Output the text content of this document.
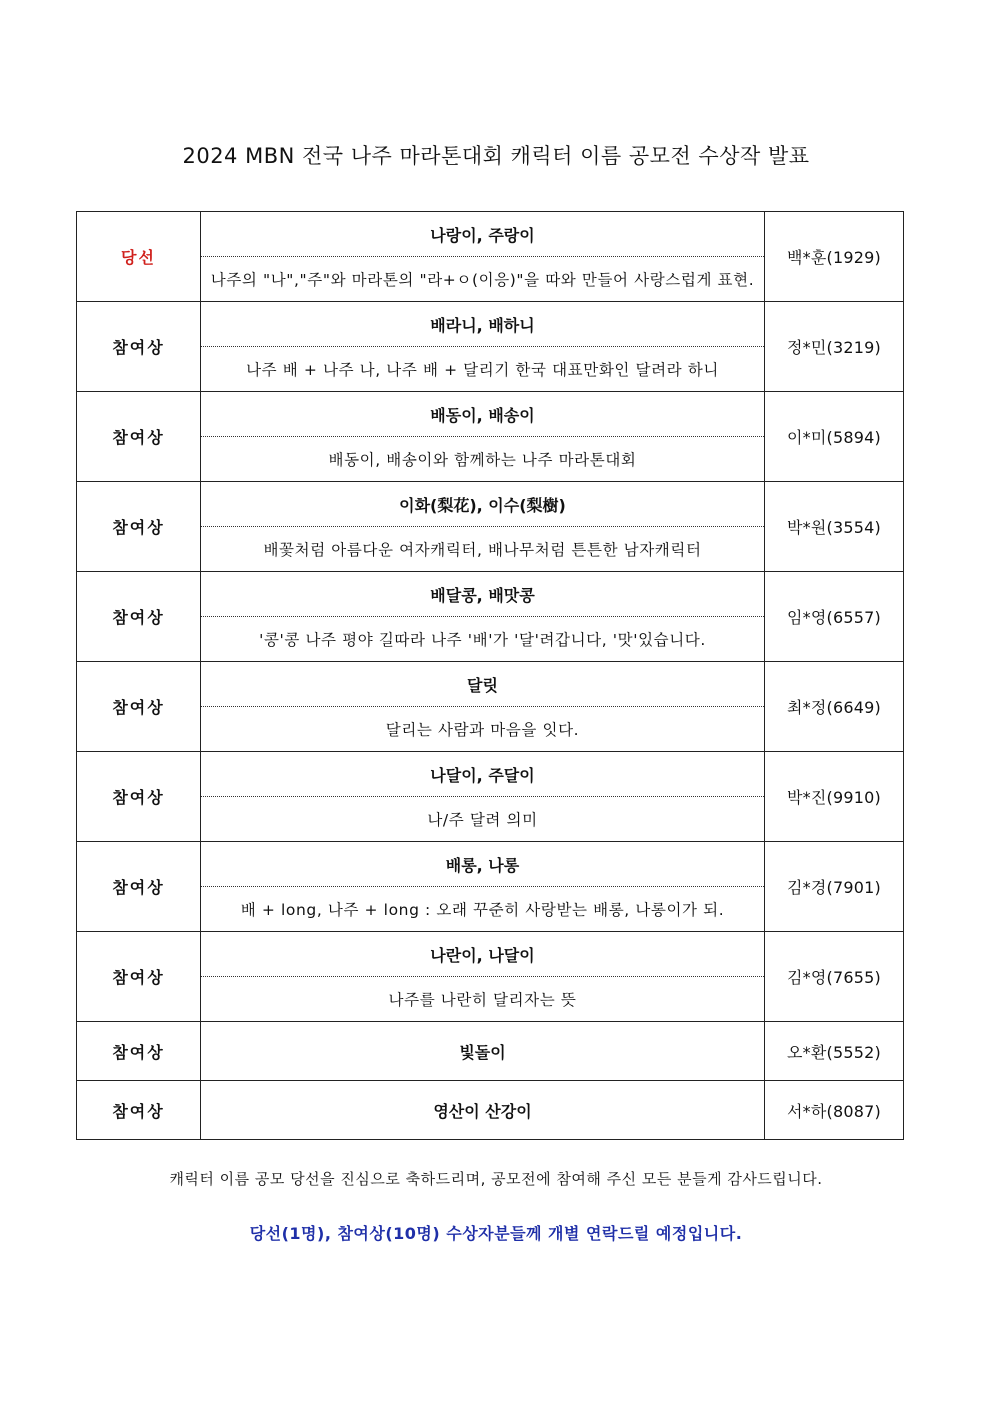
2024 MBN 전국 나주 마라톤대회 캐릭터 이름 공모전 수상작 발표
당선	나랑이, 주랑이
나주의 "나","주"와 마라톤의 "라+ㅇ(이응)"을 따와 만들어 사랑스럽게 표현.	백*훈(1929)
참여상	배라니, 배하니
나주 배 + 나주 나, 나주 배 + 달리기 한국 대표만화인 달려라 하니	정*민(3219)
참여상	배동이, 배송이
배동이, 배송이와 함께하는 나주 마라톤대회	이*미(5894)
참여상	이화(梨花), 이수(梨樹)
배꽃처럼 아름다운 여자캐릭터, 배나무처럼 튼튼한 남자캐릭터	박*원(3554)
참여상	배달콩, 배맛콩
'콩'콩 나주 평야 길따라 나주 '배'가 '달'려갑니다, '맛'있습니다.	임*영(6557)
참여상	달릿
달리는 사람과 마음을 잇다.	최*정(6649)
참여상	나달이, 주달이
나/주 달려 의미	박*진(9910)
참여상	배롱, 나롱
배 + long, 나주 + long : 오래 꾸준히 사랑받는 배롱, 나롱이가 되.	김*경(7901)
참여상	나란이, 나달이
나주를 나란히 달리자는 뜻	김*영(7655)
참여상	빛돌이	오*환(5552)
참여상	영산이 산강이	서*하(8087)
캐릭터 이름 공모 당선을 진심으로 축하드리며, 공모전에 참여해 주신 모든 분들게 감사드립니다.
당선(1명), 참여상(10명) 수상자분들께 개별 연락드릴 예정입니다.
